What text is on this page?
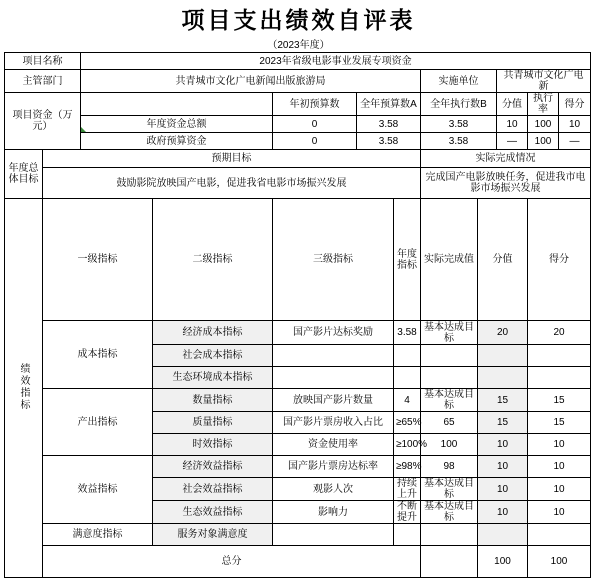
项目支出绩效自评表
（2023年度）
项目名称		2023年省级电影事业发展专项资金										
主管部门		共青城市文化广电新闻出版旅游局					实施单位		共青城市文化广电新			
项目资金（万元）				年初预算数	全年预算数A		全年执行数B		分值	执行率	得分	

年度资金总额		0	3.58		3.58		10	100	10	
		政府预算资金		0	3.58		3.58		—	100	—	
年度总体目标	预期目标						实际完成情况					
	鼓励影院放映国产电影，促进我省电影市场振兴发展						完成国产电影放映任务，促进我市电影市场振兴发展					
绩效指标	一级指标		二级指标	三级指标		年度指标	实际完成值	分值		得分	
	成本指标		经济成本指标	国产影片达标奖励		3.58	基本达成目标	20		20		
			社会成本指标									
			生态环境成本指标									
	产出指标		数量指标	放映国产影片数量		4	基本达成目标	15		15		
			质量指标	国产影片票房收入占比		≥65%	65	15		15		
			时效指标	资金使用率		≥100%	100	10		10		
	效益指标		经济效益指标	国产影片票房达标率		≥98%	98	10		10		
			社会效益指标	观影人次		持续上升	基本达成目标	10		10		
			生态效益指标	影响力		不断提升	基本达成目标	10		10		
	满意度指标		服务对象满意度									
	总分							100		100		
